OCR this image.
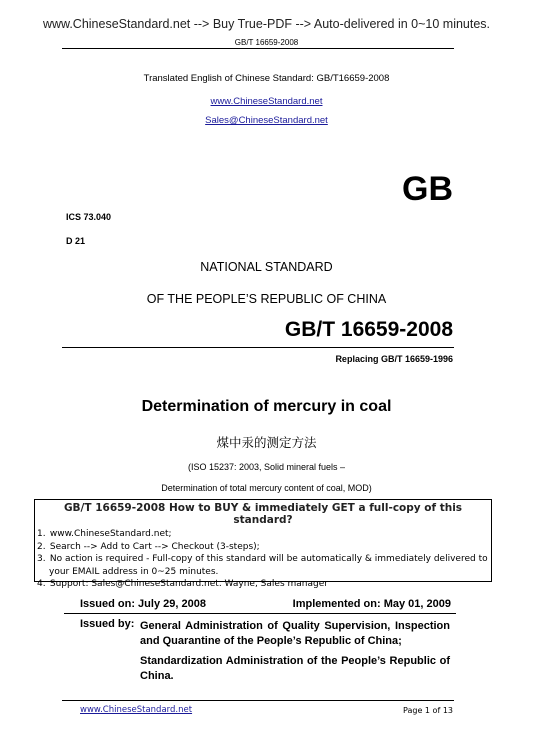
www.ChineseStandard.net --> Buy True-PDF --> Auto-delivered in 0~10 minutes.
GB/T 16659-2008
Translated English of Chinese Standard: GB/T16659-2008
www.ChineseStandard.net
Sales@ChineseStandard.net
GB
ICS 73.040
D 21
NATIONAL STANDARD
OF THE PEOPLE’S REPUBLIC OF CHINA
GB/T 16659-2008
Replacing GB/T 16659-1996
Determination of mercury in coal
煤中汞的测定方法
(ISO 15237: 2003, Solid mineral fuels –
Determination of total mercury content of coal, MOD)
GB/T 16659-2008 How to BUY & immediately GET a full-copy of this standard?
1. www.ChineseStandard.net;
2. Search --> Add to Cart --> Checkout (3-steps);
3. No action is required - Full-copy of this standard will be automatically & immediately delivered to
your EMAIL address in 0~25 minutes.
4. Support: Sales@ChineseStandard.net. Wayne, Sales manager
Issued on: July 29, 2008	Implemented on: May 01, 2009
Issued by: General Administration of Quality Supervision, Inspection and Quarantine of the People’s Republic of China;
Standardization Administration of the People’s Republic of China.
www.ChineseStandard.net	Page 1 of 13
